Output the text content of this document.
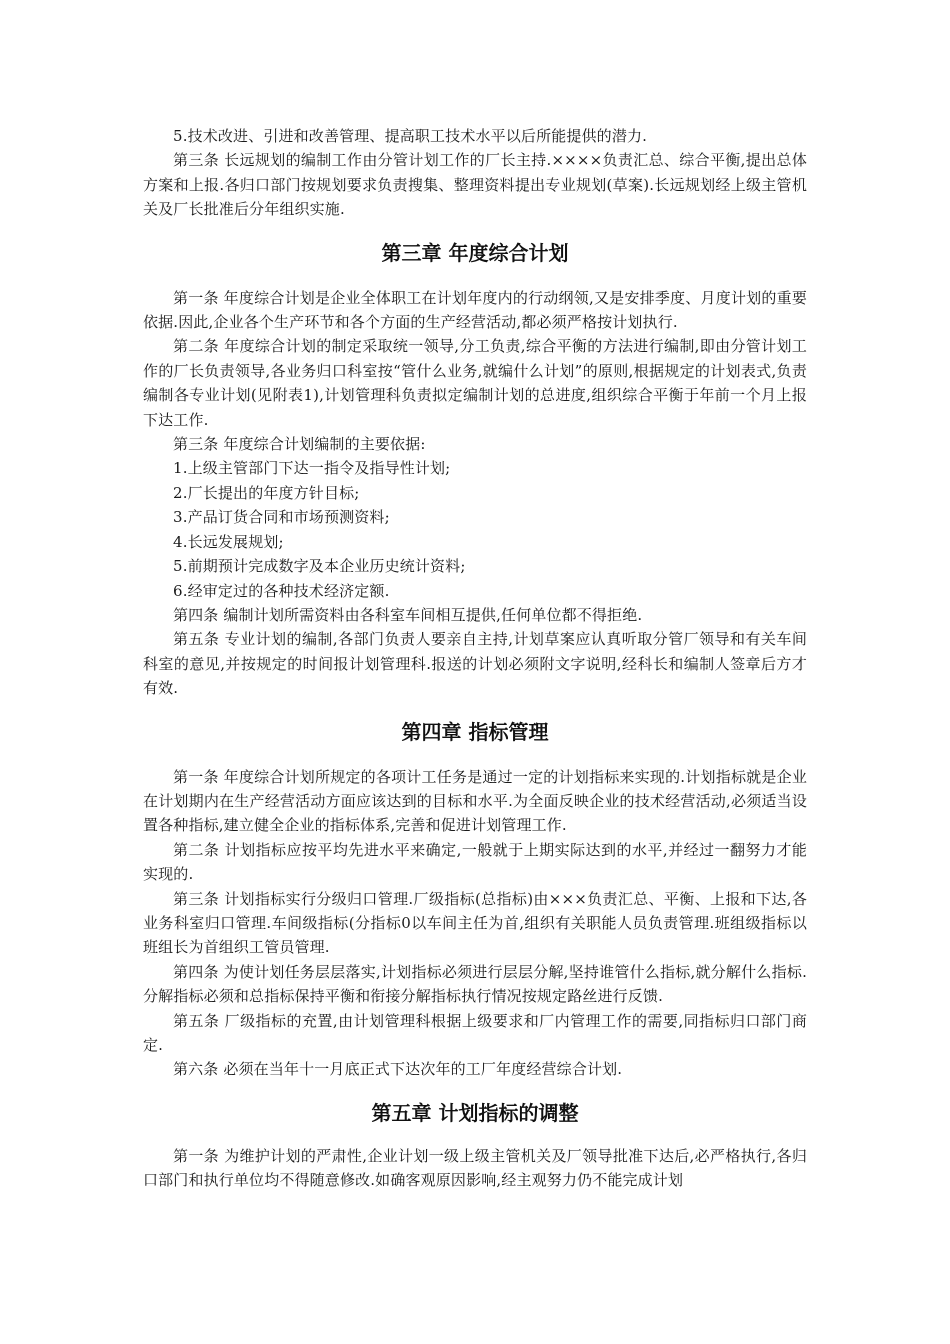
5.技术改进、引进和改善管理、提高职工技术水平以后所能提供的潜力.

第三条 长远规划的编制工作由分管计划工作的厂长主持.××××负责汇总、综合平衡,提出总体方案和上报.各归口部门按规划要求负责搜集、整理资料提出专业规划(草案).长远规划经上级主管机关及厂长批准后分年组织实施.

第三章 年度综合计划

第一条 年度综合计划是企业全体职工在计划年度内的行动纲领,又是安排季度、月度计划的重要依据.因此,企业各个生产环节和各个方面的生产经营活动,都必须严格按计划执行.

第二条 年度综合计划的制定采取统一领导,分工负责,综合平衡的方法进行编制,即由分管计划工作的厂长负责领导,各业务归口科室按“管什么业务,就编什么计划”的原则,根据规定的计划表式,负责编制各专业计划(见附表1),计划管理科负责拟定编制计划的总进度,组织综合平衡于年前一个月上报下达工作.

第三条 年度综合计划编制的主要依据:

1.上级主管部门下达一指令及指导性计划;

2.厂长提出的年度方针目标;

3.产品订货合同和市场预测资料;

4.长远发展规划;

5.前期预计完成数字及本企业历史统计资料;

6.经审定过的各种技术经济定额.

第四条 编制计划所需资料由各科室车间相互提供,任何单位都不得拒绝.

第五条 专业计划的编制,各部门负责人要亲自主持,计划草案应认真听取分管厂领导和有关车间科室的意见,并按规定的时间报计划管理科.报送的计划必须附文字说明,经科长和编制人签章后方才有效.

第四章 指标管理

第一条 年度综合计划所规定的各项计工任务是通过一定的计划指标来实现的.计划指标就是企业在计划期内在生产经营活动方面应该达到的目标和水平.为全面反映企业的技术经营活动,必须适当设置各种指标,建立健全企业的指标体系,完善和促进计划管理工作.

第二条 计划指标应按平均先进水平来确定,一般就于上期实际达到的水平,并经过一翻努力才能实现的.

第三条 计划指标实行分级归口管理.厂级指标(总指标)由×××负责汇总、平衡、上报和下达,各业务科室归口管理.车间级指标(分指标0以车间主任为首,组织有关职能人员负责管理.班组级指标以班组长为首组织工管员管理.

第四条 为使计划任务层层落实,计划指标必须进行层层分解,坚持谁管什么指标,就分解什么指标.分解指标必须和总指标保持平衡和衔接分解指标执行情况按规定路丝进行反馈.

第五条 厂级指标的充置,由计划管理科根据上级要求和厂内管理工作的需要,同指标归口部门商定.

第六条 必须在当年十一月底正式下达次年的工厂年度经营综合计划.

第五章 计划指标的调整

第一条 为维护计划的严肃性,企业计划一级上级主管机关及厂领导批准下达后,必严格执行,各归口部门和执行单位均不得随意修改.如确客观原因影响,经主观努力仍不能完成计划
